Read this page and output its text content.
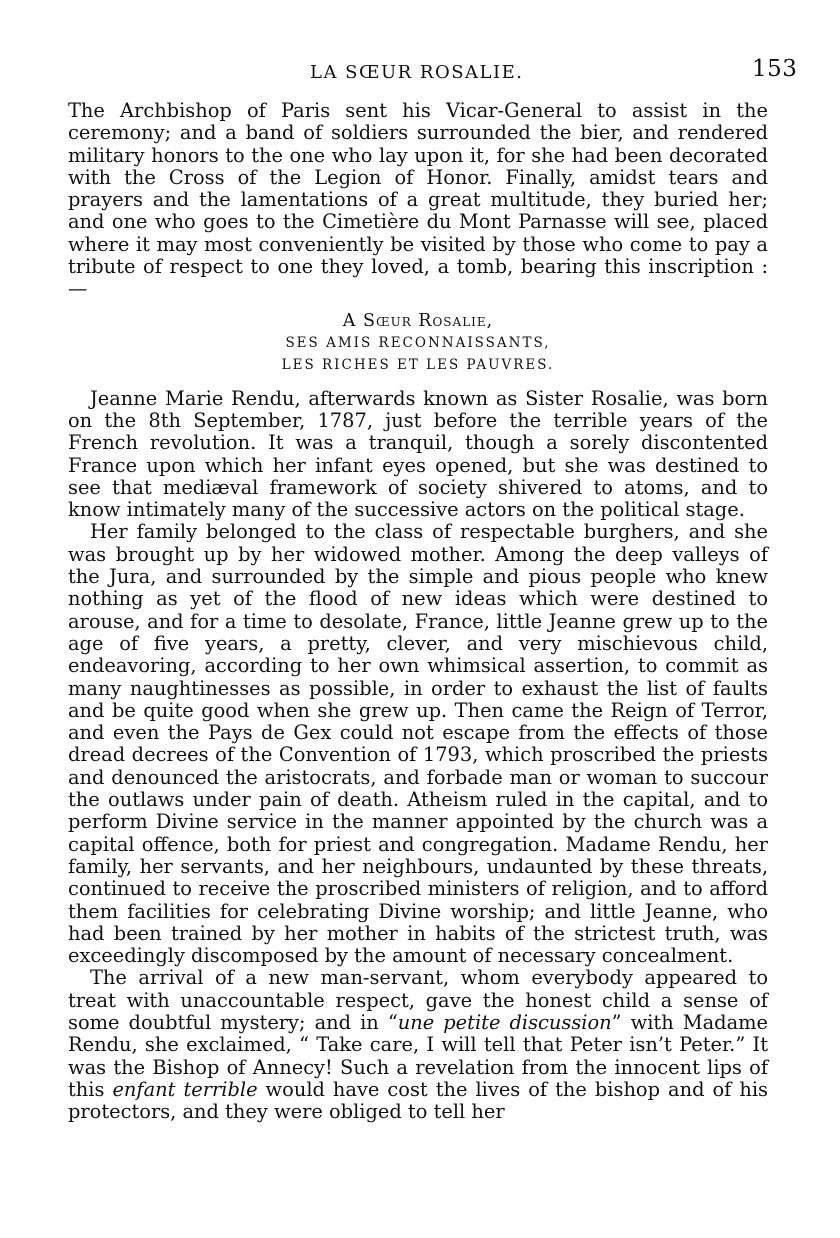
LA SŒUR ROSALIE.	153

The Archbishop of Paris sent his Vicar-General to assist in the ceremony; and a band of soldiers surrounded the bier, and rendered military honors to the one who lay upon it, for she had been decorated with the Cross of the Legion of Honor. Finally, amidst tears and prayers and the lamentations of a great multitude, they buried her; and one who goes to the Cimetière du Mont Parnasse will see, placed where it may most conveniently be visited by those who come to pay a tribute of respect to one they loved, a tomb, bearing this inscription :—

A Sœur Rosalie,
SES AMIS RECONNAISSANTS,
LES RICHES ET LES PAUVRES.

Jeanne Marie Rendu, afterwards known as Sister Rosalie, was born on the 8th September, 1787, just before the terrible years of the French revolution. It was a tranquil, though a sorely discontented France upon which her infant eyes opened, but she was destined to see that mediæval framework of society shivered to atoms, and to know intimately many of the successive actors on the political stage.

Her family belonged to the class of respectable burghers, and she was brought up by her widowed mother. Among the deep valleys of the Jura, and surrounded by the simple and pious people who knew nothing as yet of the flood of new ideas which were destined to arouse, and for a time to desolate, France, little Jeanne grew up to the age of five years, a pretty, clever, and very mischievous child, endeavoring, according to her own whimsical assertion, to commit as many naughtinesses as possible, in order to exhaust the list of faults and be quite good when she grew up. Then came the Reign of Terror, and even the Pays de Gex could not escape from the effects of those dread decrees of the Convention of 1793, which proscribed the priests and denounced the aristocrats, and forbade man or woman to succour the outlaws under pain of death. Atheism ruled in the capital, and to perform Divine service in the manner appointed by the church was a capital offence, both for priest and congregation. Madame Rendu, her family, her servants, and her neighbours, undaunted by these threats, continued to receive the proscribed ministers of religion, and to afford them facilities for celebrating Divine worship; and little Jeanne, who had been trained by her mother in habits of the strictest truth, was exceedingly discomposed by the amount of necessary concealment.

The arrival of a new man-servant, whom everybody appeared to treat with unaccountable respect, gave the honest child a sense of some doubtful mystery; and in “une petite discussion” with Madame Rendu, she exclaimed, “ Take care, I will tell that Peter isn’t Peter.” It was the Bishop of Annecy! Such a revelation from the innocent lips of this enfant terrible would have cost the lives of the bishop and of his protectors, and they were obliged to tell her
